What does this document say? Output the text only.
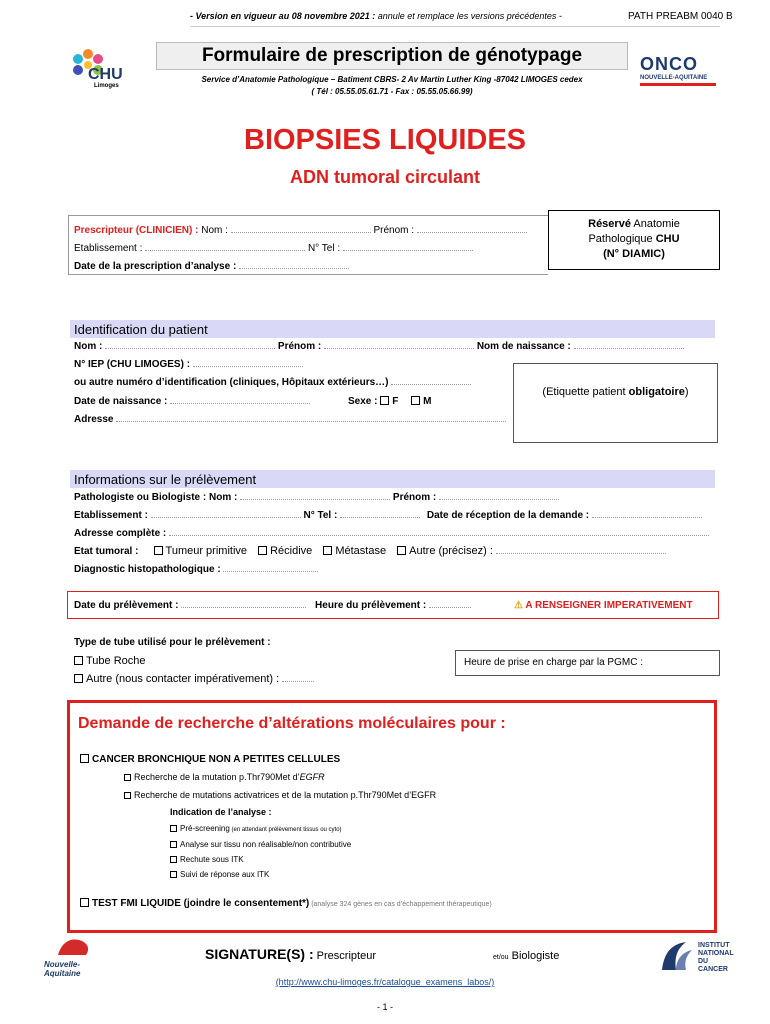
- Version en vigueur au 08 novembre 2021 : annule et remplace les versions précédentes -	PATH PREABM 0040 B
CHU
Limoges
Formulaire de prescription de génotypage
Service d’Anatomie Pathologique – Batiment CBRS- 2 Av Martin Luther King -87042 LIMOGES cedex
( Tél : 05.55.05.61.71 - Fax : 05.55.05.66.99)
ONCO
NOUVELLE-AQUITAINE
BIOPSIES LIQUIDES
ADN tumoral circulant
Prescripteur (CLINICIEN) : Nom :	Prénom :
Etablissement :	N° Tel :
Date de la prescription d’analyse :
Réservé Anatomie
Pathologique CHU
(N° DIAMIC)
Identification du patient
Nom :	Prénom :	Nom de naissance :
N° IEP (CHU LIMOGES) :
ou autre numéro d’identification (cliniques, Hôpitaux extérieurs…)
Date de naissance :	Sexe : F M
Adresse
(Etiquette patient obligatoire)
Informations sur le prélèvement
Pathologiste ou Biologiste : Nom :	Prénom :
Etablissement :	N° Tel :	Date de réception de la demande :
Adresse complète :
Etat tumoral : Tumeur primitive Récidive Métastase Autre (précisez) :
Diagnostic histopathologique :
Date du prélèvement :	Heure du prélèvement :	⚠ A RENSEIGNER IMPERATIVEMENT
Type de tube utilisé pour le prélèvement :
Tube Roche
Autre (nous contacter impérativement) :
Heure de prise en charge par la PGMC :
Demande de recherche d’altérations moléculaires pour :
CANCER BRONCHIQUE NON A PETITES CELLULES
Recherche de la mutation p.Thr790Met d’EGFR
Recherche de mutations activatrices et de la mutation p.Thr790Met d’EGFR
Indication de l’analyse :
Pré-screening (en attendant prélèvement tissus ou cyto)
Analyse sur tissu non réalisable/non contributive
Rechute sous ITK
Suivi de réponse aux ITK
TEST FMI LIQUIDE (joindre le consentement*) (analyse 324 gènes en cas d’échappement thérapeutique)
Nouvelle-Aquitaine
SIGNATURE(S) : Prescripteur	et/ou Biologiste
INSTITUT
NATIONAL
DU CANCER
(http://www.chu-limoges.fr/catalogue_examens_labos/)
- 1 -
